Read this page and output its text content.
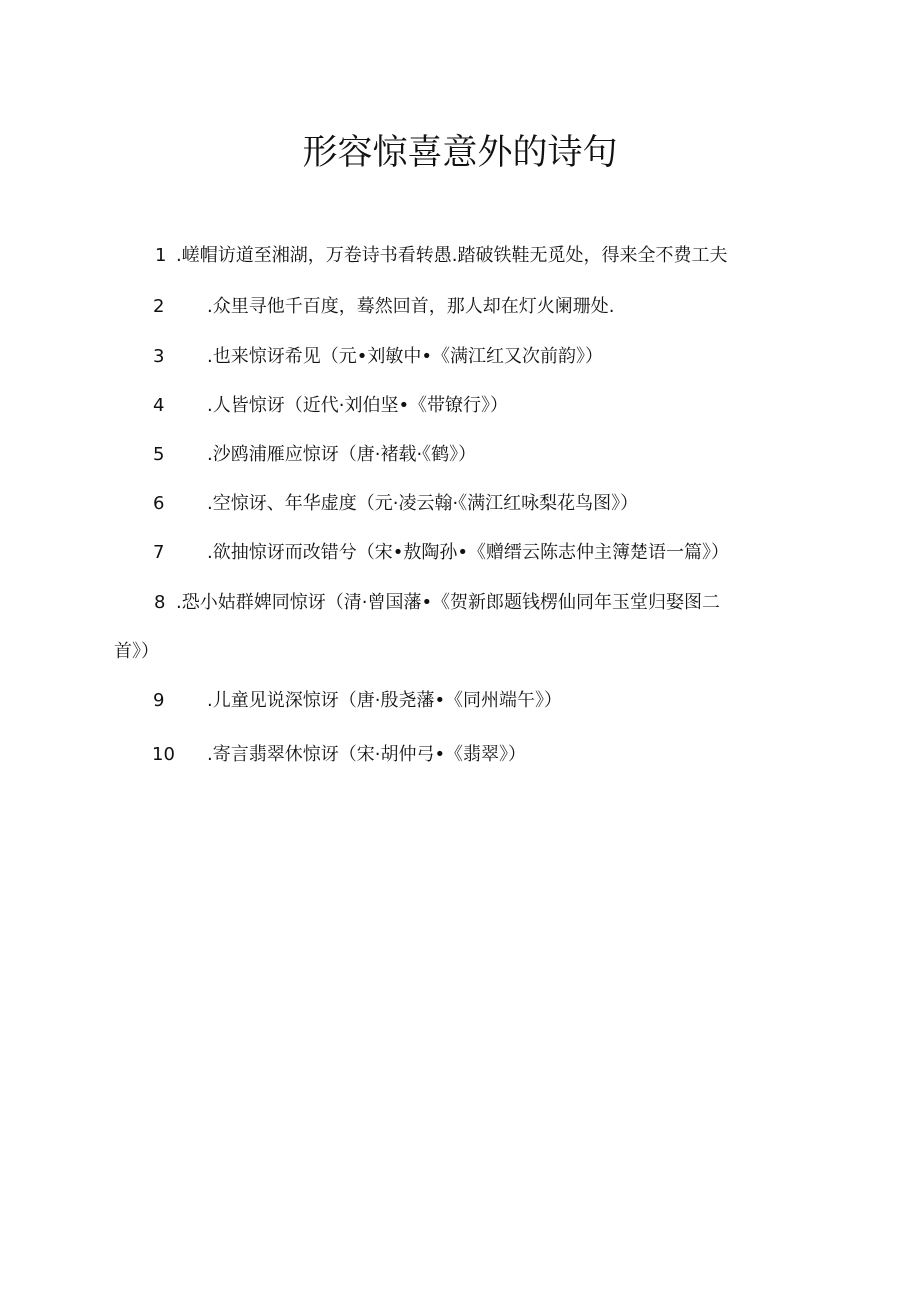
形容惊喜意外的诗句
1 .嵯帽访道至湘湖，万卷诗书看转愚.踏破铁鞋无觅处，得来全不费工夫
2 .众里寻他千百度，蓦然回首，那人却在灯火阑珊处.
3 .也来惊讶希见（元•刘敏中•《满江红又次前韵》）
4 .人皆惊讶（近代·刘伯坚•《带镣行》）
5 .沙鸥浦雁应惊讶（唐·褚载·《鹤》）
6 .空惊讶、年华虚度（元·凌云翰·《满江红咏梨花鸟图》）
7 .欲抽惊讶而改错兮（宋•敖陶孙•《赠缙云陈志仲主簿楚语一篇》）
8 .恐小姑群婢同惊讶（清·曾国藩•《贺新郎题钱楞仙同年玉堂归娶图二
首》）
9 .儿童见说深惊讶（唐·殷尧藩•《同州端午》）
10 .寄言翡翠休惊讶（宋·胡仲弓•《翡翠》）
